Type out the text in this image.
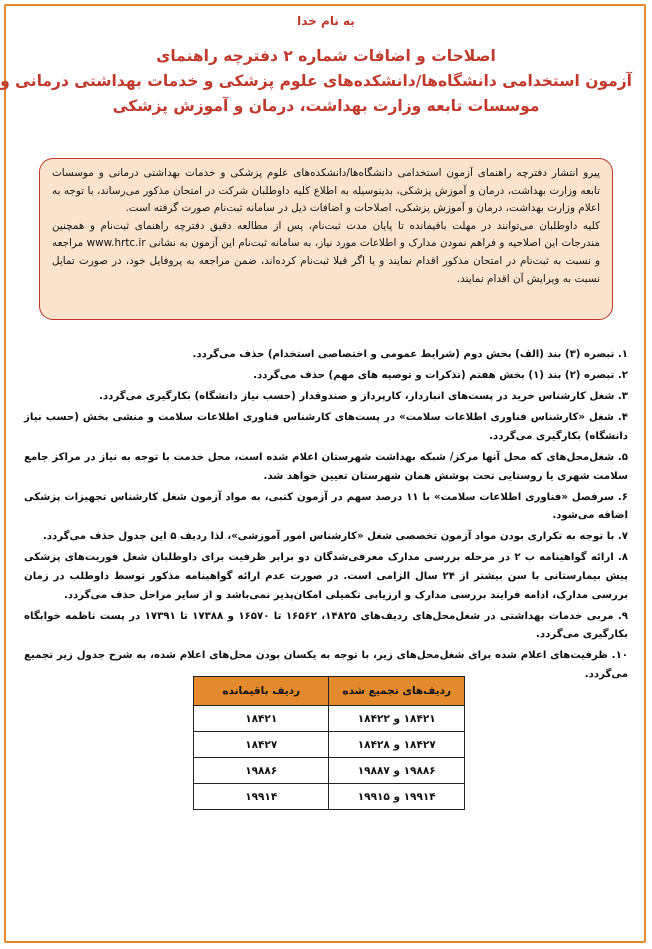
به نام خدا
اصلاحات و اضافات شماره ۲ دفترچه راهنمای
آزمون استخدامی دانشگاه‌ها/دانشکده‌های علوم پزشکی و خدمات بهداشتی درمانی و
موسسات تابعه وزارت بهداشت، درمان و آموزش پزشکی

پیرو انتشار دفترچه راهنمای آزمون استخدامی دانشگاه‌ها/دانشکده‌های علوم پزشکی و خدمات بهداشتی درمانی و موسسات تابعه وزارت بهداشت، درمان و آموزش پزشکی، بدینوسیله به اطلاع کلیه داوطلبان شرکت در امتحان مذکور می‌رساند، با توجه به اعلام وزارت بهداشت، درمان و آموزش پزشکی، اصلاحات و اضافات ذیل در سامانه ثبت‌نام صورت گرفته است.

کلیه داوطلبان می‌توانند در مهلت باقیمانده تا پایان مدت ثبت‌نام، پس از مطالعه دقیق دفترچه راهنمای ثبت‌نام و همچنین مندرجات این اصلاحیه و فراهم نمودن مدارک و اطلاعات مورد نیاز، به سامانه ثبت‌نام این آزمون به نشانی www.hrtc.ir مراجعه و نسبت به ثبت‌نام در امتحان مذکور اقدام نمایند و یا اگر قبلا ثبت‌نام کرده‌اند، ضمن مراجعه به پروفایل خود، در صورت تمایل نسبت به ویرایش آن اقدام نمایند.

۱. تبصره (۳) بند (الف) بخش دوم (شرایط عمومی و اختصاصی استخدام) حذف می‌گردد.
۲. تبصره (۲) بند (۱) بخش هفتم (تذکرات و توصیه های مهم) حذف می‌گردد.
۳. شغل کارشناس خرید در پست‌های انباردار، کارپرداز و صندوقدار (حسب نیاز دانشگاه) بکارگیری می‌گردد.
۴. شغل «کارشناس فناوری اطلاعات سلامت» در پست‌های کارشناس فناوری اطلاعات سلامت و منشی بخش (حسب نیاز دانشگاه) بکارگیری می‌گردد.
۵. شغل‌محل‌های که محل آنها مرکز/ شبکه بهداشت شهرستان اعلام شده است، محل خدمت با توجه به نیاز در مراکز جامع سلامت شهری یا روستایی تحت پوشش همان شهرستان تعیین خواهد شد.
۶. سرفصل «فناوری اطلاعات سلامت» با ۱۱ درصد سهم در آزمون کتبی، به مواد آزمون شغل کارشناس تجهیزات پزشکی اضافه می‌شود.
۷. با توجه به تکراری بودن مواد آزمون تخصصی شغل «کارشناس امور آموزشی»، لذا ردیف ۵ این جدول حذف می‌گردد.
۸. ارائه گواهینامه ب ۲ در مرحله بررسی مدارک معرفی‌شدگان دو برابر ظرفیت برای داوطلبان شغل فوریت‌های پزشکی پیش بیمارستانی با سن بیشتر از ۲۴ سال الزامی است. در صورت عدم ارائه گواهینامه مذکور توسط داوطلب در زمان بررسی مدارک، ادامه فرایند بررسی مدارک و ارزیابی تکمیلی امکان‌پذیر نمی‌باشد و از سایر مراحل حذف می‌گردد.
۹. مربی خدمات بهداشتی در شغل‌محل‌های ردیف‌های ۱۴۸۲۵، ۱۶۵۶۲ تا ۱۶۵۷۰ و ۱۷۳۸۸ تا ۱۷۳۹۱ در پست ناظمه خوابگاه بکارگیری می‌گردد.
۱۰. ظرفیت‌های اعلام شده برای شغل‌محل‌های زیر، با توجه به یکسان بودن محل‌های اعلام شده، به شرح جدول زیر تجمیع می‌گردد.
ردیف‌های تجمیع شده	ردیف باقیمانده
۱۸۴۲۱ و ۱۸۴۲۲	۱۸۴۲۱
۱۸۴۲۷ و ۱۸۴۲۸	۱۸۴۲۷
۱۹۸۸۶ و ۱۹۸۸۷	۱۹۸۸۶
۱۹۹۱۴ و ۱۹۹۱۵	۱۹۹۱۴
